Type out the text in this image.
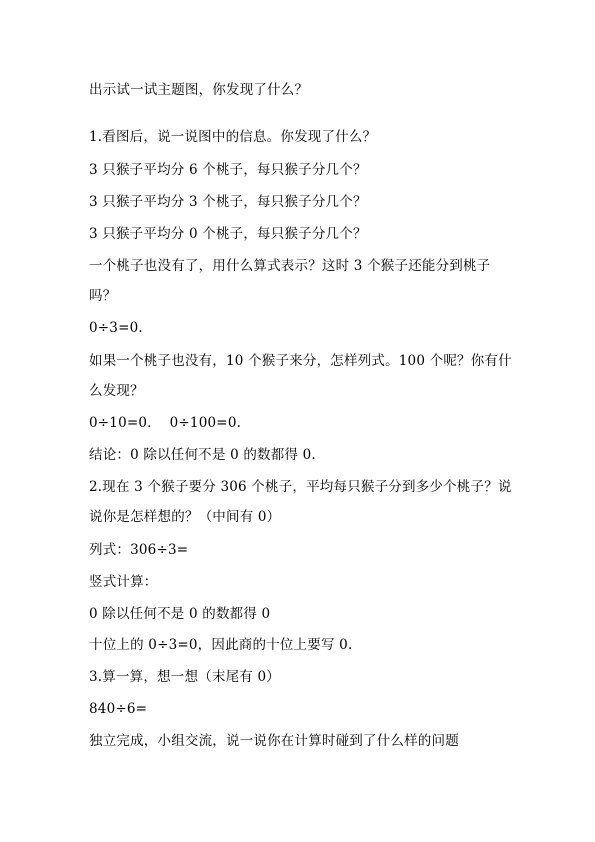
出示试一试主题图，你发现了什么？
1.看图后，说一说图中的信息。你发现了什么？
3 只猴子平均分 6 个桃子，每只猴子分几个？
3 只猴子平均分 3 个桃子，每只猴子分几个？
3 只猴子平均分 0 个桃子，每只猴子分几个？
一个桃子也没有了，用什么算式表示？这时 3 个猴子还能分到桃子
吗？
0÷3=0.
如果一个桃子也没有，10 个猴子来分，怎样列式。100 个呢？你有什
么发现？
0÷10=0.    0÷100=0.
结论：0 除以任何不是 0 的数都得 0.
2.现在 3 个猴子要分 306 个桃子，平均每只猴子分到多少个桃子？说
说你是怎样想的？（中间有 0）
列式：306÷3=
竖式计算：
0 除以任何不是 0 的数都得 0
十位上的 0÷3=0，因此商的十位上要写 0.
3.算一算，想一想（末尾有 0）
840÷6=
独立完成，小组交流，说一说你在计算时碰到了什么样的问题
